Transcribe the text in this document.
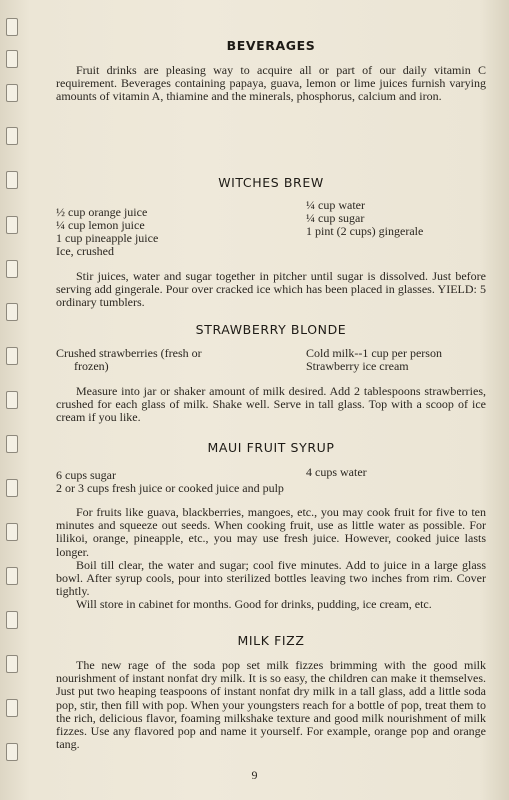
BEVERAGES

Fruit drinks are pleasing way to acquire all or part of our daily vitamin C requirement. Beverages containing papaya, guava, lemon or lime juices furnish varying amounts of vitamin A, thiamine and the minerals, phosphorus, calcium and iron.

WITCHES BREW
½ cup orange juice
¼ cup lemon juice
1 cup pineapple juice
Ice, crushed
¼ cup water
¼ cup sugar
1 pint (2 cups) gingerale

Stir juices, water and sugar together in pitcher until sugar is dissolved. Just before serving add gingerale. Pour over cracked ice which has been placed in glasses. YIELD: 5 ordinary tumblers.

STRAWBERRY BLONDE
Crushed strawberries (fresh or
frozen)
Cold milk--1 cup per person
Strawberry ice cream

Measure into jar or shaker amount of milk desired. Add 2 tablespoons strawberries, crushed for each glass of milk. Shake well. Serve in tall glass. Top with a scoop of ice cream if you like.

MAUI FRUIT SYRUP
6 cups sugar	4 cups water
2 or 3 cups fresh juice or cooked juice and pulp

For fruits like guava, blackberries, mangoes, etc., you may cook fruit for five to ten minutes and squeeze out seeds. When cooking fruit, use as little water as possible. For lilikoi, orange, pineapple, etc., you may use fresh juice. However, cooked juice lasts longer.

Boil till clear, the water and sugar; cool five minutes. Add to juice in a large glass bowl. After syrup cools, pour into sterilized bottles leaving two inches from rim. Cover tightly.

Will store in cabinet for months. Good for drinks, pudding, ice cream, etc.

MILK FIZZ

The new rage of the soda pop set milk fizzes brimming with the good milk nourishment of instant nonfat dry milk. It is so easy, the children can make it themselves. Just put two heaping teaspoons of instant nonfat dry milk in a tall glass, add a little soda pop, stir, then fill with pop. When your youngsters reach for a bottle of pop, treat them to the rich, delicious flavor, foaming milkshake texture and good milk nourishment of milk fizzes. Use any flavored pop and name it yourself. For example, orange pop and orange tang.

9
